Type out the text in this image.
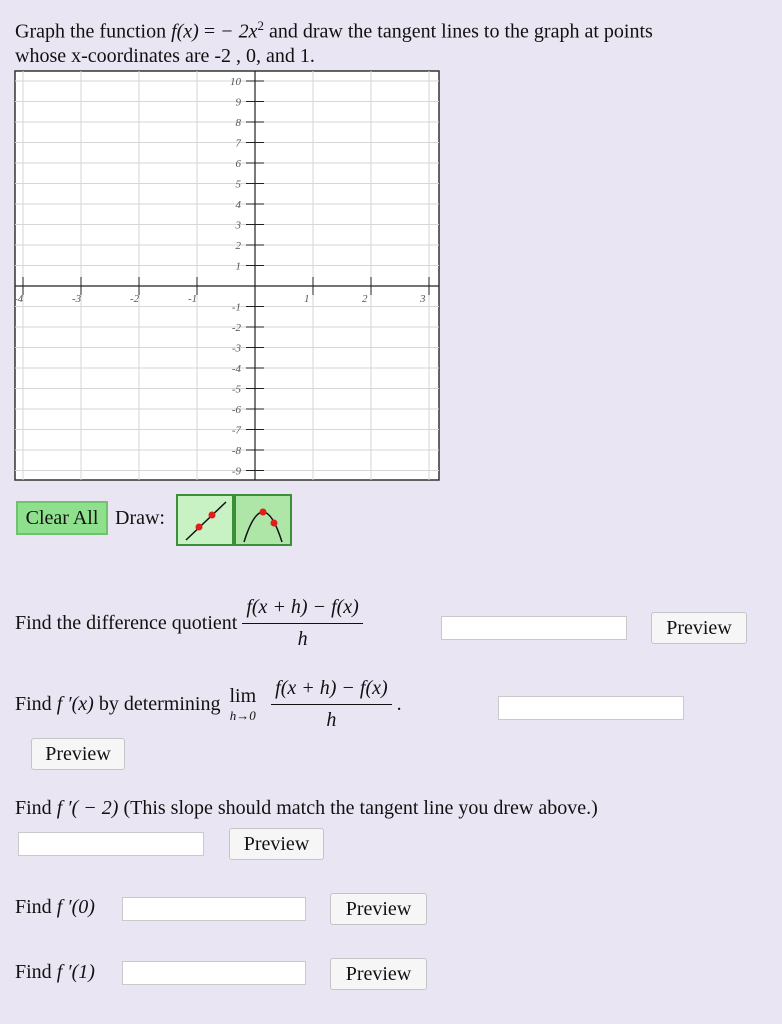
Graph the function f(x) = − $2x^2$ and draw the tangent lines to the graph at points
whose x-coordinates are -2 , 0, and 1.
-4	-3	-2	-1	1	2	3
10
9
8
7
6
5
4
3
2
1
-1
-2
-3
-4
-5
-6
-7
-8
-9
Clear All Draw:
Find the difference quotient $\frac{f(x + h) - f(x)}{h}$	Preview
Find f ′(x) by determining lim
h→0
$\frac{f(x + h) - f(x)}{h}$ .
Preview
Find f ′( − 2) (This slope should match the tangent line you drew above.)
Preview
Find f ′(0)	Preview
Find f ′(1)	Preview
